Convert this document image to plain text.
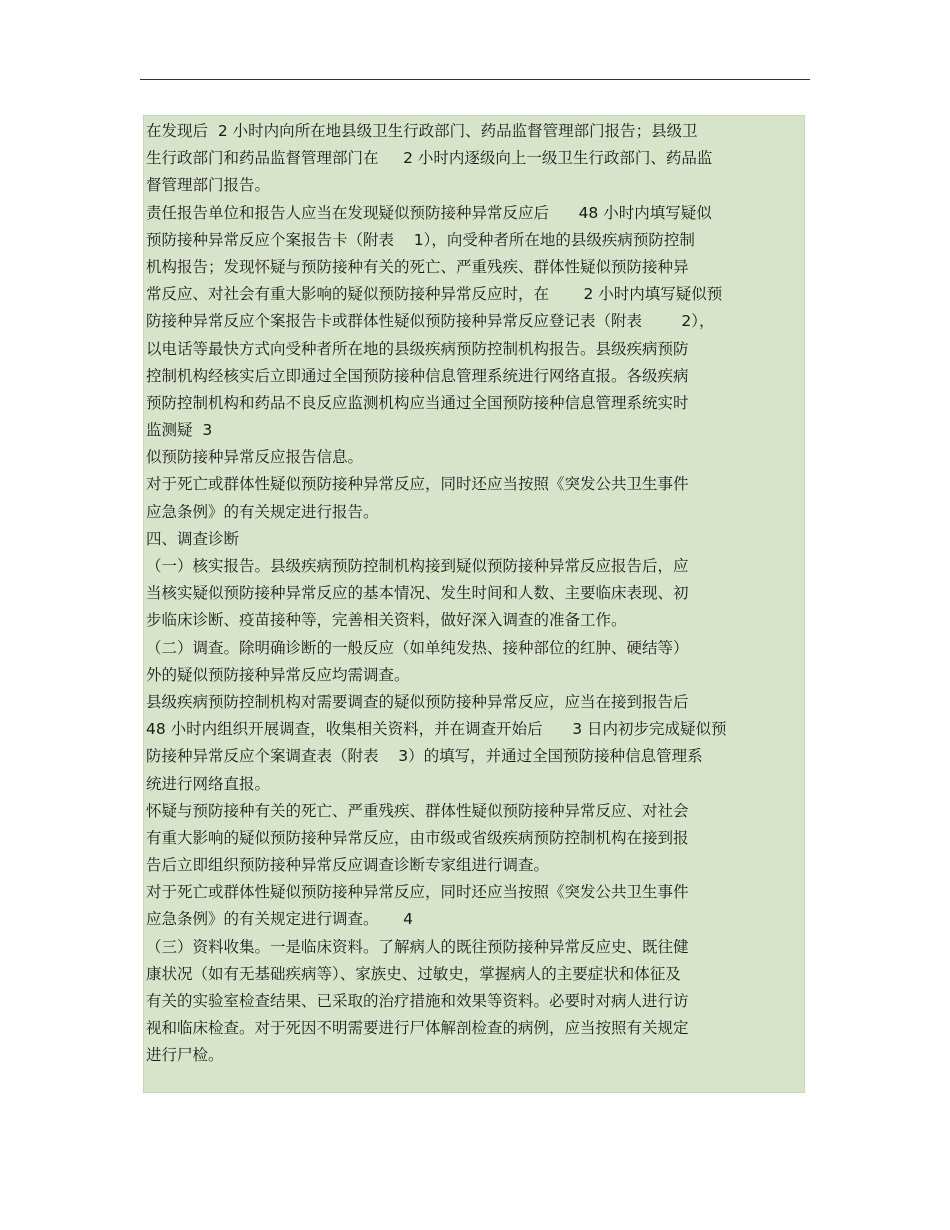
在发现后  2 小时内向所在地县级卫生行政部门、药品监督管理部门报告；县级卫
生行政部门和药品监督管理部门在     2 小时内逐级向上一级卫生行政部门、药品监
督管理部门报告。
责任报告单位和报告人应当在发现疑似预防接种异常反应后      48 小时内填写疑似
预防接种异常反应个案报告卡（附表    1），向受种者所在地的县级疾病预防控制
机构报告；发现怀疑与预防接种有关的死亡、严重残疾、群体性疑似预防接种异
常反应、对社会有重大影响的疑似预防接种异常反应时，在       2 小时内填写疑似预
防接种异常反应个案报告卡或群体性疑似预防接种异常反应登记表（附表        2），
以电话等最快方式向受种者所在地的县级疾病预防控制机构报告。县级疾病预防
控制机构经核实后立即通过全国预防接种信息管理系统进行网络直报。各级疾病
预防控制机构和药品不良反应监测机构应当通过全国预防接种信息管理系统实时
监测疑  3
似预防接种异常反应报告信息。
对于死亡或群体性疑似预防接种异常反应，同时还应当按照《突发公共卫生事件
应急条例》的有关规定进行报告。
四、调查诊断
（一）核实报告。县级疾病预防控制机构接到疑似预防接种异常反应报告后，应
当核实疑似预防接种异常反应的基本情况、发生时间和人数、主要临床表现、初
步临床诊断、疫苗接种等，完善相关资料，做好深入调查的准备工作。
（二）调查。除明确诊断的一般反应（如单纯发热、接种部位的红肿、硬结等）
外的疑似预防接种异常反应均需调查。
县级疾病预防控制机构对需要调查的疑似预防接种异常反应，应当在接到报告后
48 小时内组织开展调查，收集相关资料，并在调查开始后      3 日内初步完成疑似预
防接种异常反应个案调查表（附表    3）的填写，并通过全国预防接种信息管理系
统进行网络直报。
怀疑与预防接种有关的死亡、严重残疾、群体性疑似预防接种异常反应、对社会
有重大影响的疑似预防接种异常反应，由市级或省级疾病预防控制机构在接到报
告后立即组织预防接种异常反应调查诊断专家组进行调查。
对于死亡或群体性疑似预防接种异常反应，同时还应当按照《突发公共卫生事件
应急条例》的有关规定进行调查。     4
（三）资料收集。一是临床资料。了解病人的既往预防接种异常反应史、既往健
康状况（如有无基础疾病等）、家族史、过敏史，掌握病人的主要症状和体征及
有关的实验室检查结果、已采取的治疗措施和效果等资料。必要时对病人进行访
视和临床检查。对于死因不明需要进行尸体解剖检查的病例，应当按照有关规定
进行尸检。
